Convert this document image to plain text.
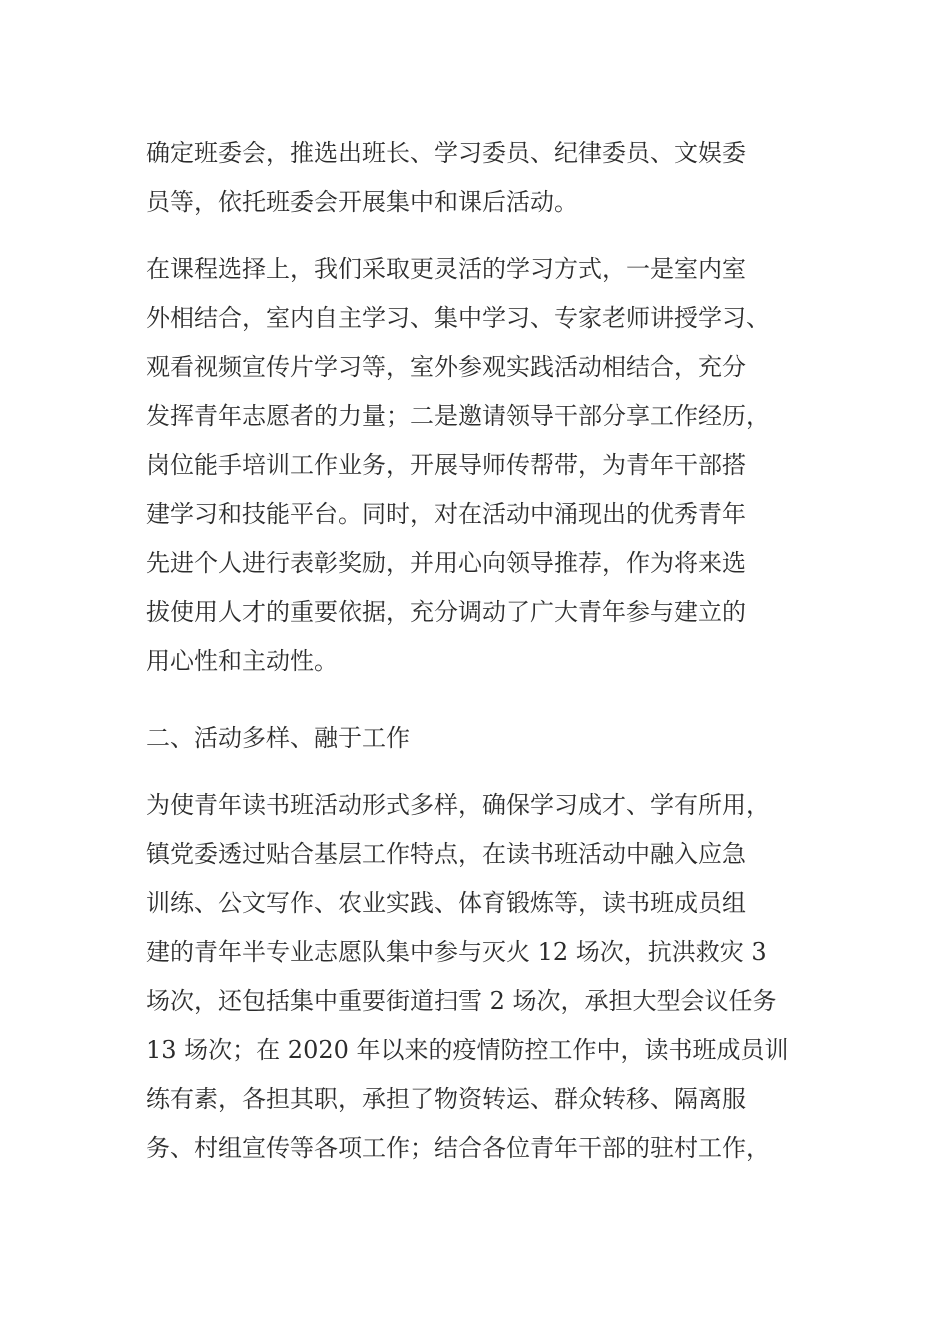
确定班委会，推选出班长、学习委员、纪律委员、文娱委
员等，依托班委会开展集中和课后活动。
在课程选择上，我们采取更灵活的学习方式，一是室内室
外相结合，室内自主学习、集中学习、专家老师讲授学习、
观看视频宣传片学习等，室外参观实践活动相结合，充分
发挥青年志愿者的力量；二是邀请领导干部分享工作经历，
岗位能手培训工作业务，开展导师传帮带，为青年干部搭
建学习和技能平台。同时，对在活动中涌现出的优秀青年
先进个人进行表彰奖励，并用心向领导推荐，作为将来选
拔使用人才的重要依据，充分调动了广大青年参与建立的
用心性和主动性。
二、活动多样、融于工作
为使青年读书班活动形式多样，确保学习成才、学有所用，
镇党委透过贴合基层工作特点，在读书班活动中融入应急
训练、公文写作、农业实践、体育锻炼等，读书班成员组
建的青年半专业志愿队集中参与灭火 12 场次，抗洪救灾 3
场次，还包括集中重要街道扫雪 2 场次，承担大型会议任务
13 场次；在 2020 年以来的疫情防控工作中，读书班成员训
练有素，各担其职，承担了物资转运、群众转移、隔离服
务、村组宣传等各项工作；结合各位青年干部的驻村工作，
